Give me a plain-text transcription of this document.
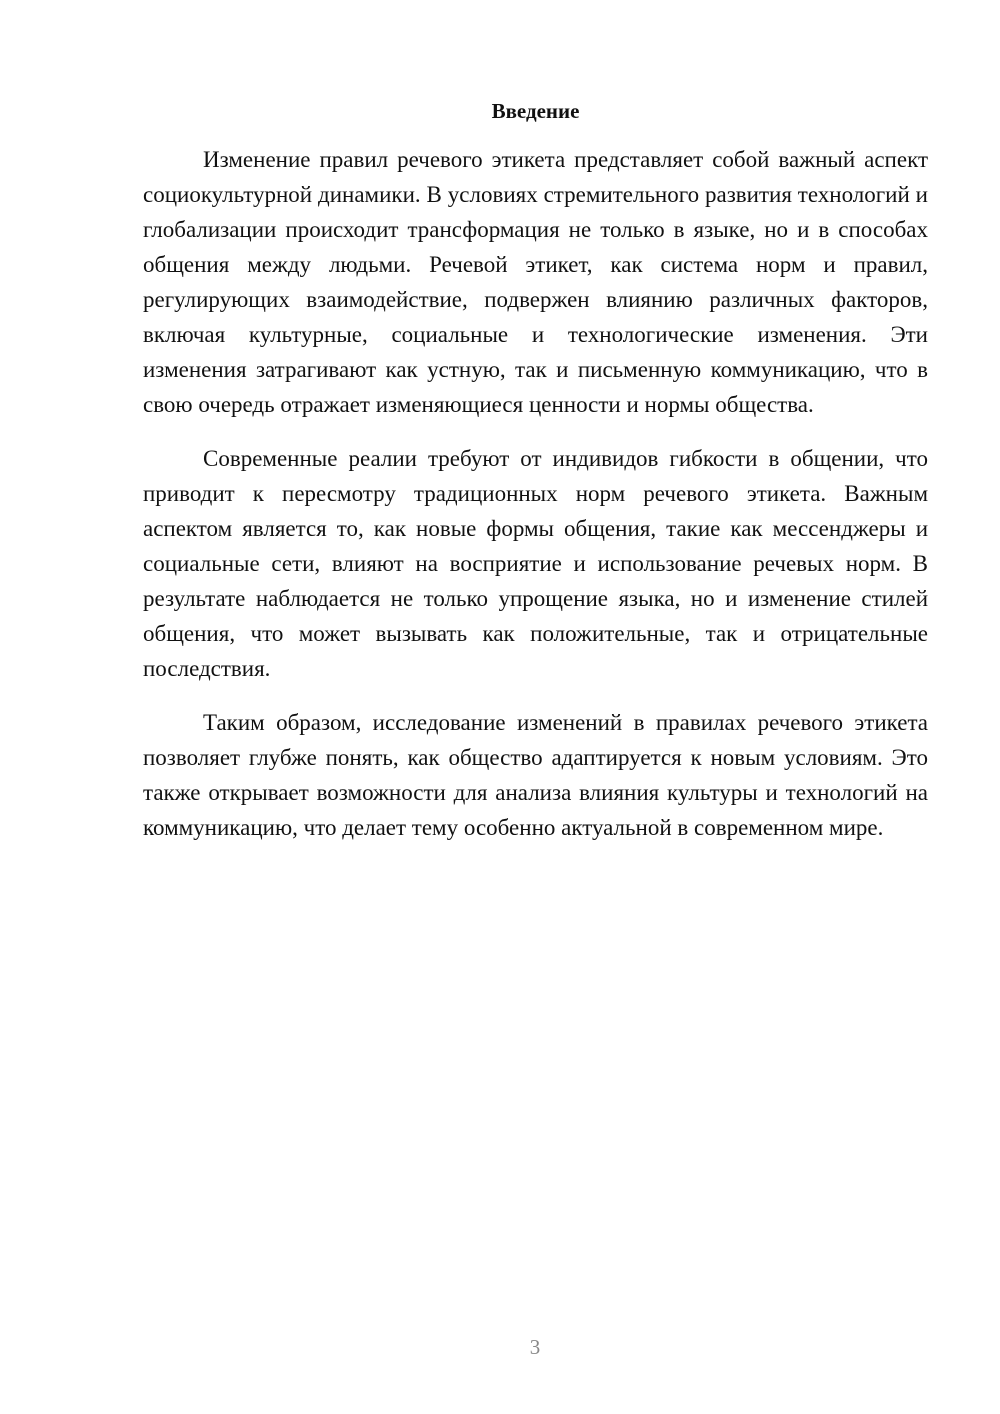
Введение

Изменение правил речевого этикета представляет собой важный аспект социокультурной динамики. В условиях стремительного развития технологий и глобализации происходит трансформация не только в языке, но и в способах общения между людьми. Речевой этикет, как система норм и правил, регулирующих взаимодействие, подвержен влиянию различных факторов, включая культурные, социальные и технологические изменения. Эти изменения затрагивают как устную, так и письменную коммуникацию, что в свою очередь отражает изменяющиеся ценности и нормы общества.

Современные реалии требуют от индивидов гибкости в общении, что приводит к пересмотру традиционных норм речевого этикета. Важным аспектом является то, как новые формы общения, такие как мессенджеры и социальные сети, влияют на восприятие и использование речевых норм. В результате наблюдается не только упрощение языка, но и изменение стилей общения, что может вызывать как положительные, так и отрицательные последствия.

Таким образом, исследование изменений в правилах речевого этикета позволяет глубже понять, как общество адаптируется к новым условиям. Это также открывает возможности для анализа влияния культуры и технологий на коммуникацию, что делает тему особенно актуальной в современном мире.

3
